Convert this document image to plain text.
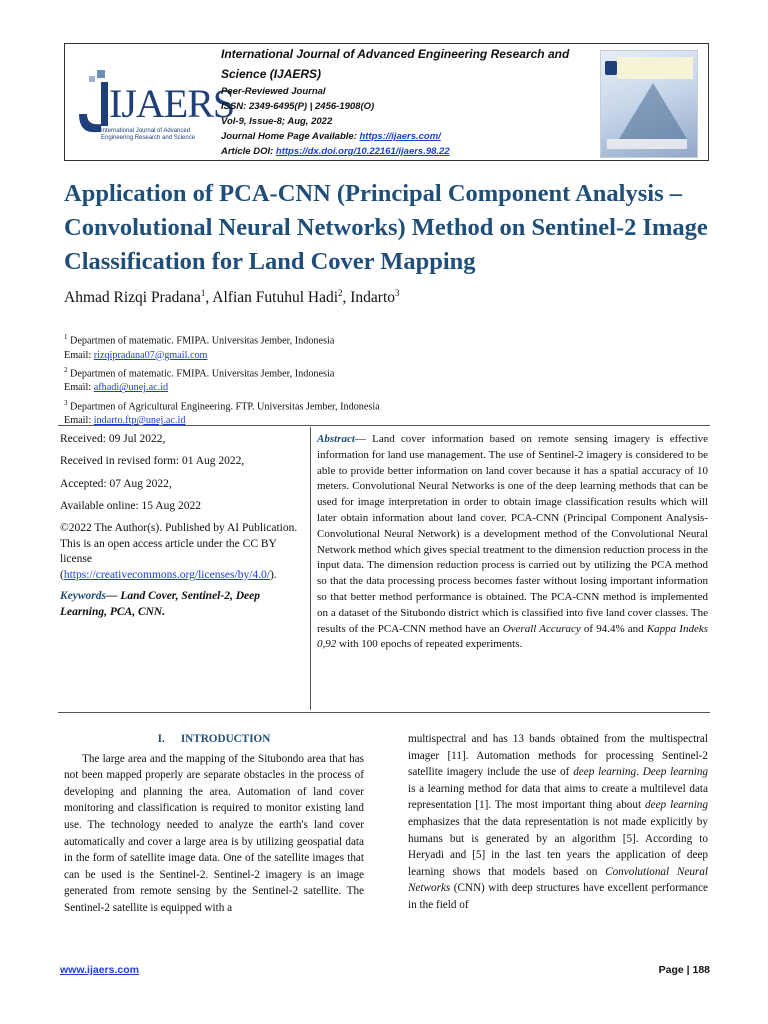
IJAERS
International Journal of Advanced Engineering Research and Science
International Journal of Advanced Engineering Research and Science (IJAERS)
Peer-Reviewed Journal
ISSN: 2349-6495(P) | 2456-1908(O)
Vol-9, Issue-8; Aug, 2022
Journal Home Page Available: https://ijaers.com/
Article DOI: https://dx.doi.org/10.22161/ijaers.98.22
Application of PCA-CNN (Principal Component Analysis – Convolutional Neural Networks) Method on Sentinel-2 Image Classification for Land Cover Mapping
Ahmad Rizqi Pradana$^1$, Alfian Futuhul Hadi$^2$, Indarto$^3$
$^1$ Departmen of matematic. FMIPA. Universitas Jember, Indonesia
Email: rizqipradana07@gmail.com
$^2$ Departmen of matematic. FMIPA. Universitas Jember, Indonesia
Email: afhadi@unej.ac.id
$^3$ Departmen of Agricultural Engineering. FTP. Universitas Jember, Indonesia
Email: indarto.ftp@unej.ac.id
Received: 09 Jul 2022,
Received in revised form: 01 Aug 2022,
Accepted: 07 Aug 2022,
Available online: 15 Aug 2022
©2022 The Author(s). Published by AI Publication. This is an open access article under the CC BY license (https://creativecommons.org/licenses/by/4.0/).
Keywords— Land Cover, Sentinel-2, Deep Learning, PCA, CNN.
Abstract— Land cover information based on remote sensing imagery is effective information for land use management. The use of Sentinel-2 imagery is considered to be able to provide better information on land cover because it has a spatial accuracy of 10 meters. Convolutional Neural Networks is one of the deep learning methods that can be used for image interpretation in order to obtain image classification results which will later obtain information about land cover. PCA-CNN (Principal Component Analysis-Convolutional Neural Network) is a development method of the Convolutional Neural Network method which gives special treatment to the dimension reduction process in the input data. The dimension reduction process is carried out by utilizing the PCA method so that the data processing process becomes faster without losing important information so that better method performance is obtained. The PCA-CNN method is implemented on a dataset of the Situbondo district which is classified into five land cover classes. The results of the PCA-CNN method have an Overall Accuracy of 94.4% and Kappa Indeks 0,92 with 100 epochs of repeated experiments.
I. INTRODUCTION

The large area and the mapping of the Situbondo area that has not been mapped properly are separate obstacles in the process of developing and planning the area. Automation of land cover monitoring and classification is required to monitor existing land use. The technology needed to analyze the earth's land cover automatically and cover a large area is by utilizing geospatial data in the form of satellite image data. One of the satellite images that can be used is the Sentinel-2. Sentinel-2 imagery is an image generated from remote sensing by the Sentinel-2 satellite. The Sentinel-2 satellite is equipped with a

multispectral and has 13 bands obtained from the multispectral imager [11]. Automation methods for processing Sentinel-2 satellite imagery include the use of deep learning. Deep learning is a learning method for data that aims to create a multilevel data representation [1]. The most important thing about deep learning emphasizes that the data representation is not made explicitly by humans but is generated by an algorithm [5]. According to Heryadi and [5] in the last ten years the application of deep learning shows that models based on Convolutional Neural Networks (CNN) with deep structures have excellent performance in the field of

www.ijaers.com	Page | 188
